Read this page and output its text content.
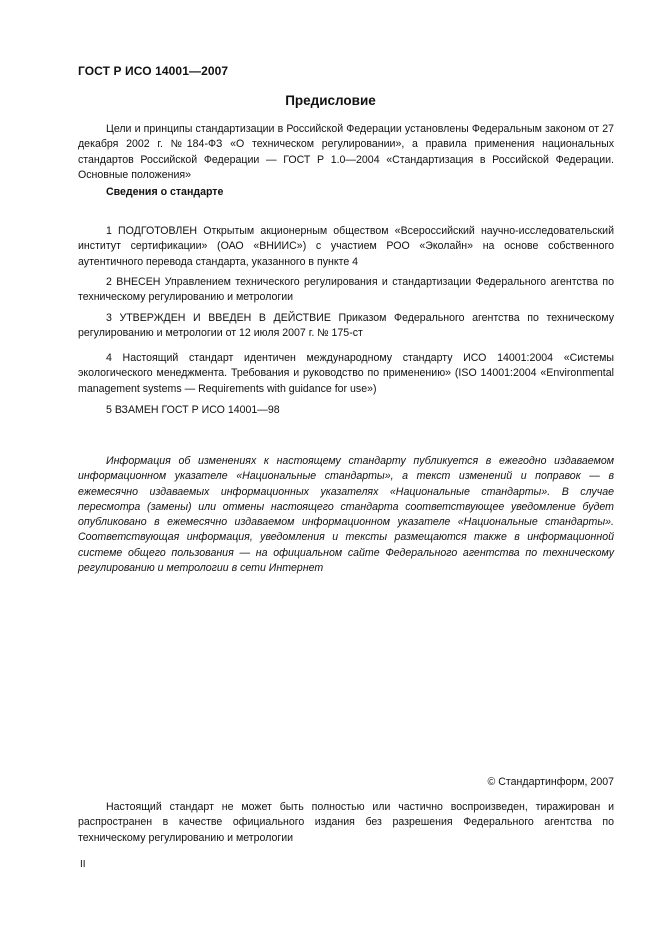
ГОСТ Р ИСО 14001—2007
Предисловие
Цели и принципы стандартизации в Российской Федерации установлены Федеральным законом от 27 декабря 2002 г. №184-ФЗ «О техническом регулировании», а правила применения национальных стандартов Российской Федерации — ГОСТ Р 1.0—2004 «Стандартизация в Российской Федерации. Основные положения»
Сведения о стандарте
1 ПОДГОТОВЛЕН Открытым акционерным обществом «Всероссийский научно-исследовательский институт сертификации» (ОАО «ВНИИС») с участием РОО «Эколайн» на основе собственного аутентичного перевода стандарта, указанного в пункте 4
2 ВНЕСЕН Управлением технического регулирования и стандартизации Федерального агентства по техническому регулированию и метрологии
3 УТВЕРЖДЕН И ВВЕДЕН В ДЕЙСТВИЕ Приказом Федерального агентства по техническому регулированию и метрологии от 12 июля 2007 г. № 175-ст
4 Настоящий стандарт идентичен международному стандарту ИСО 14001:2004 «Системы экологического менеджмента. Требования и руководство по применению» (ISO 14001:2004 «Environmental management systems — Requirements with guidance for use»)
5 ВЗАМЕН ГОСТ Р ИСО 14001—98
Информация об изменениях к настоящему стандарту публикуется в ежегодно издаваемом информационном указателе «Национальные стандарты», а текст изменений и поправок — в ежемесячно издаваемых информационных указателях «Национальные стандарты». В случае пересмотра (замены) или отмены настоящего стандарта соответствующее уведомление будет опубликовано в ежемесячно издаваемом информационном указателе «Национальные стандарты». Соответствующая информация, уведомления и тексты размещаются также в информационной системе общего пользования — на официальном сайте Федерального агентства по техническому регулированию и метрологии в сети Интернет
© Стандартинформ, 2007
Настоящий стандарт не может быть полностью или частично воспроизведен, тиражирован и распространен в качестве официального издания без разрешения Федерального агентства по техническому регулированию и метрологии
II
